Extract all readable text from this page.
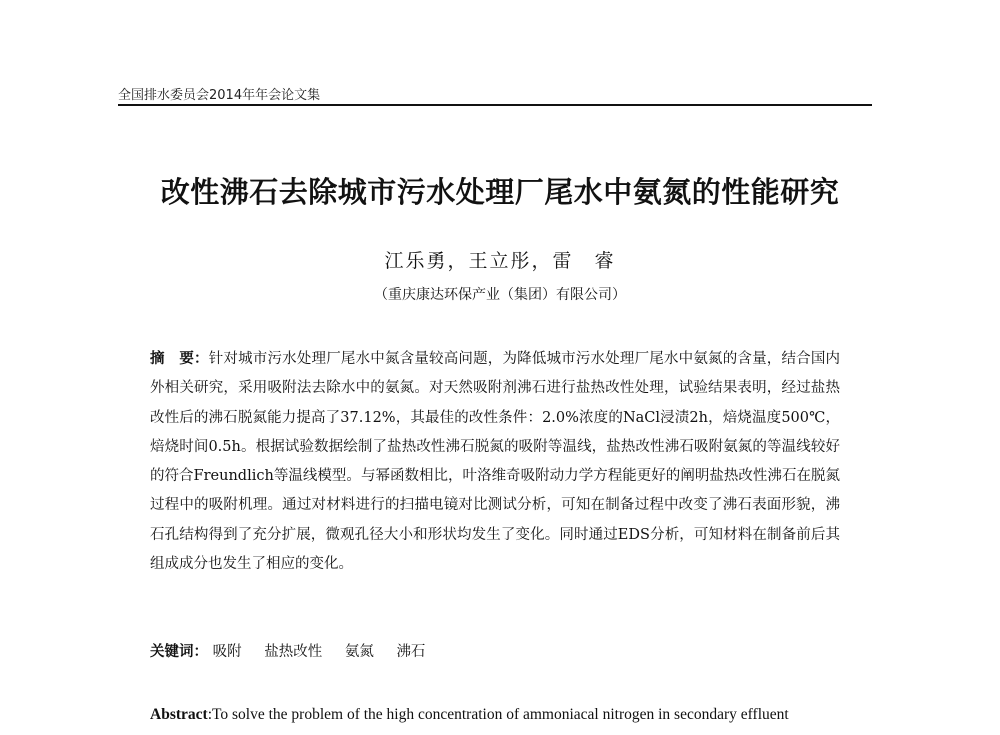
全国排水委员会2014年年会论文集
改性沸石去除城市污水处理厂尾水中氨氮的性能研究
江乐勇，王立彤，雷　睿
（重庆康达环保产业（集团）有限公司）
摘　要：针对城市污水处理厂尾水中氮含量较高问题，为降低城市污水处理厂尾水中氨氮的含量，结合国内外相关研究，采用吸附法去除水中的氨氮。对天然吸附剂沸石进行盐热改性处理，试验结果表明，经过盐热改性后的沸石脱氮能力提高了37.12%，其最佳的改性条件：2.0%浓度的NaCl浸渍2h，焙烧温度500℃，焙烧时间0.5h。根据试验数据绘制了盐热改性沸石脱氮的吸附等温线，盐热改性沸石吸附氨氮的等温线较好的符合Freundlich等温线模型。与幂函数相比，叶洛维奇吸附动力学方程能更好的阐明盐热改性沸石在脱氮过程中的吸附机理。通过对材料进行的扫描电镜对比测试分析，可知在制备过程中改变了沸石表面形貌，沸石孔结构得到了充分扩展，微观孔径大小和形状均发生了变化。同时通过EDS分析，可知材料在制备前后其组成成分也发生了相应的变化。
关键词： 吸附 盐热改性 氨氮 沸石
Abstract:To solve the problem of the high concentration of ammoniacal nitrogen in secondary effluent
